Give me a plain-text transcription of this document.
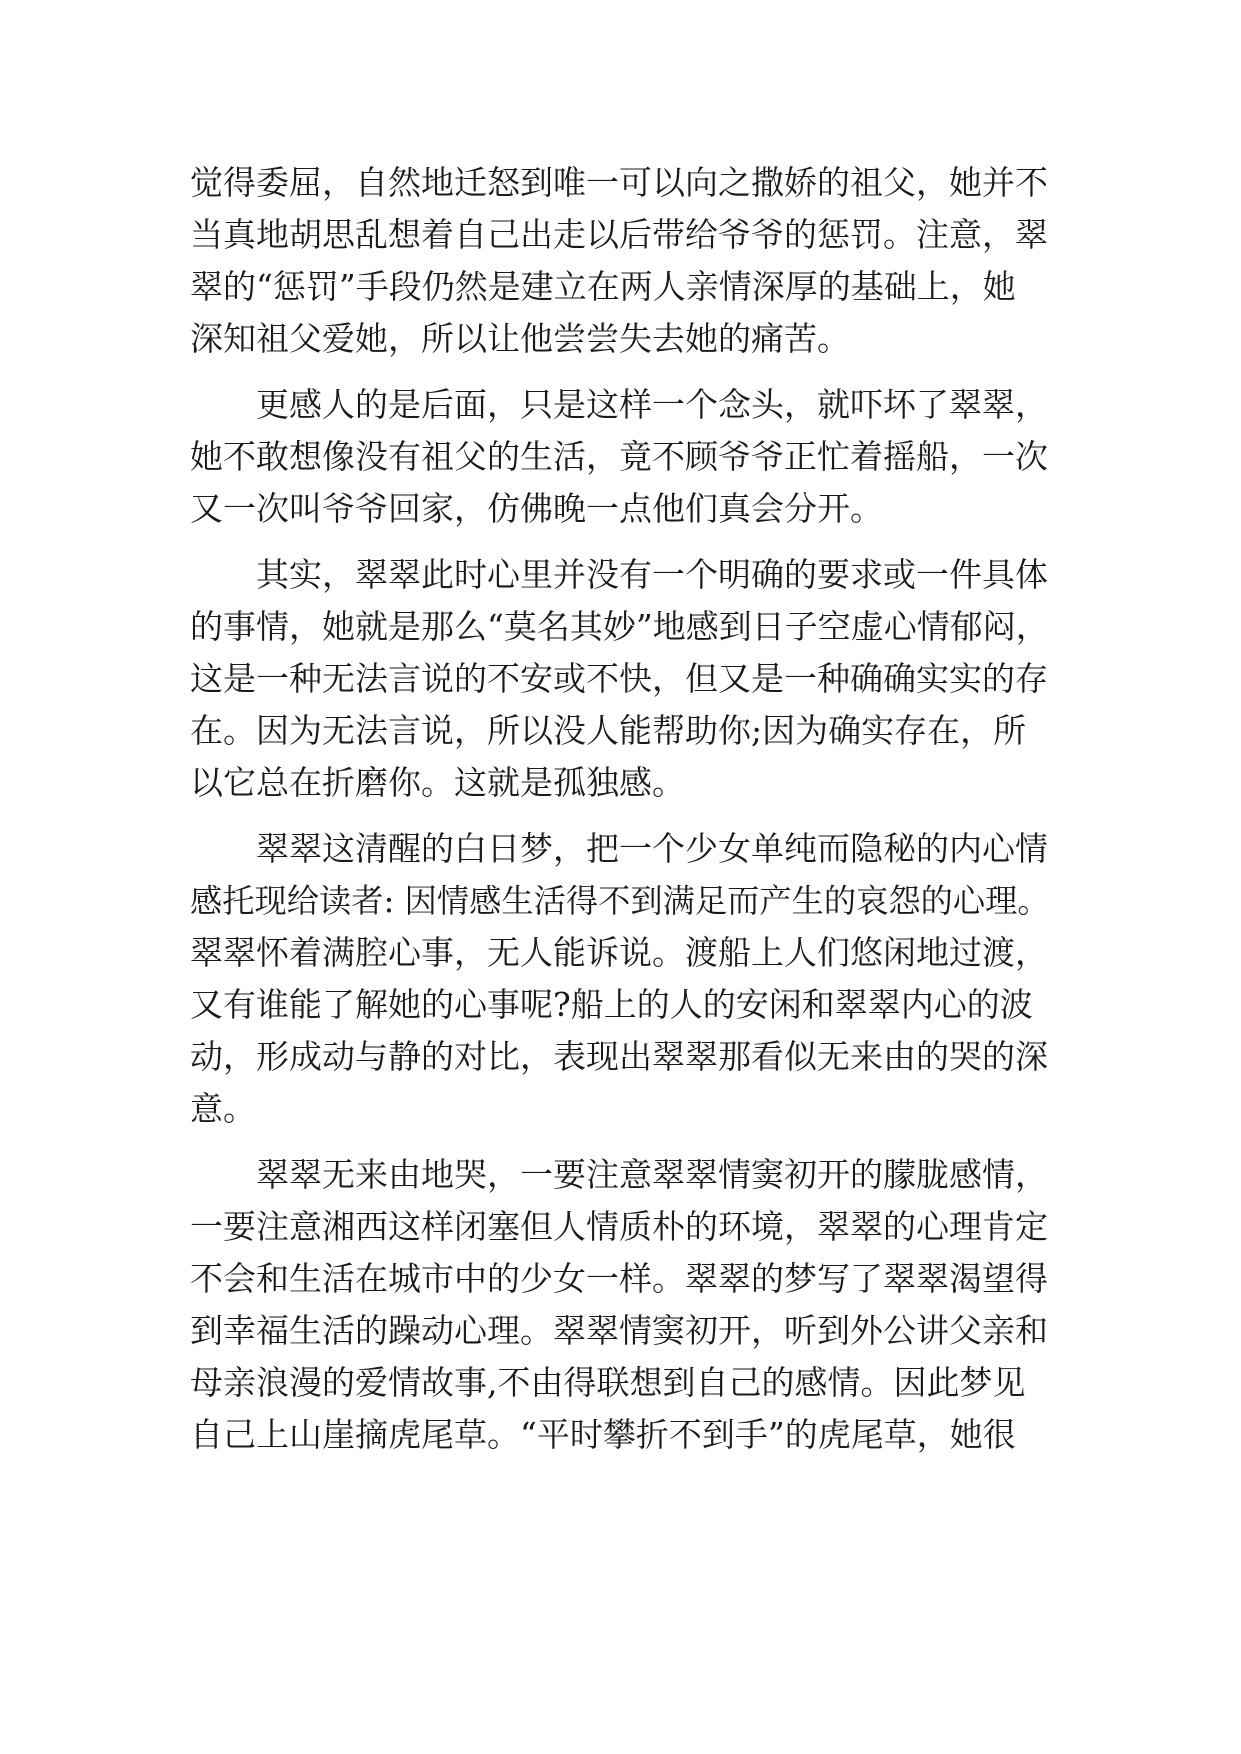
觉得委屈，自然地迁怒到唯一可以向之撒娇的祖父，她并不
当真地胡思乱想着自己出走以后带给爷爷的惩罚。注意，翠
翠的“惩罚”手段仍然是建立在两人亲情深厚的基础上，她
深知祖父爱她，所以让他尝尝失去她的痛苦。
　　更感人的是后面，只是这样一个念头，就吓坏了翠翠，
她不敢想像没有祖父的生活，竟不顾爷爷正忙着摇船，一次
又一次叫爷爷回家，仿佛晚一点他们真会分开。
　　其实，翠翠此时心里并没有一个明确的要求或一件具体
的事情，她就是那么“莫名其妙”地感到日子空虚心情郁闷，
这是一种无法言说的不安或不快，但又是一种确确实实的存
在。因为无法言说，所以没人能帮助你;因为确实存在，所
以它总在折磨你。这就是孤独感。
　　翠翠这清醒的白日梦，把一个少女单纯而隐秘的内心情
感托现给读者: 因情感生活得不到满足而产生的哀怨的心理。
翠翠怀着满腔心事，无人能诉说。渡船上人们悠闲地过渡，
又有谁能了解她的心事呢?船上的人的安闲和翠翠内心的波
动，形成动与静的对比，表现出翠翠那看似无来由的哭的深
意。
　　翠翠无来由地哭，一要注意翠翠情窦初开的朦胧感情，
一要注意湘西这样闭塞但人情质朴的环境，翠翠的心理肯定
不会和生活在城市中的少女一样。翠翠的梦写了翠翠渴望得
到幸福生活的躁动心理。翠翠情窦初开，听到外公讲父亲和
母亲浪漫的爱情故事,不由得联想到自己的感情。因此梦见
自己上山崖摘虎尾草。“平时攀折不到手”的虎尾草，她很
